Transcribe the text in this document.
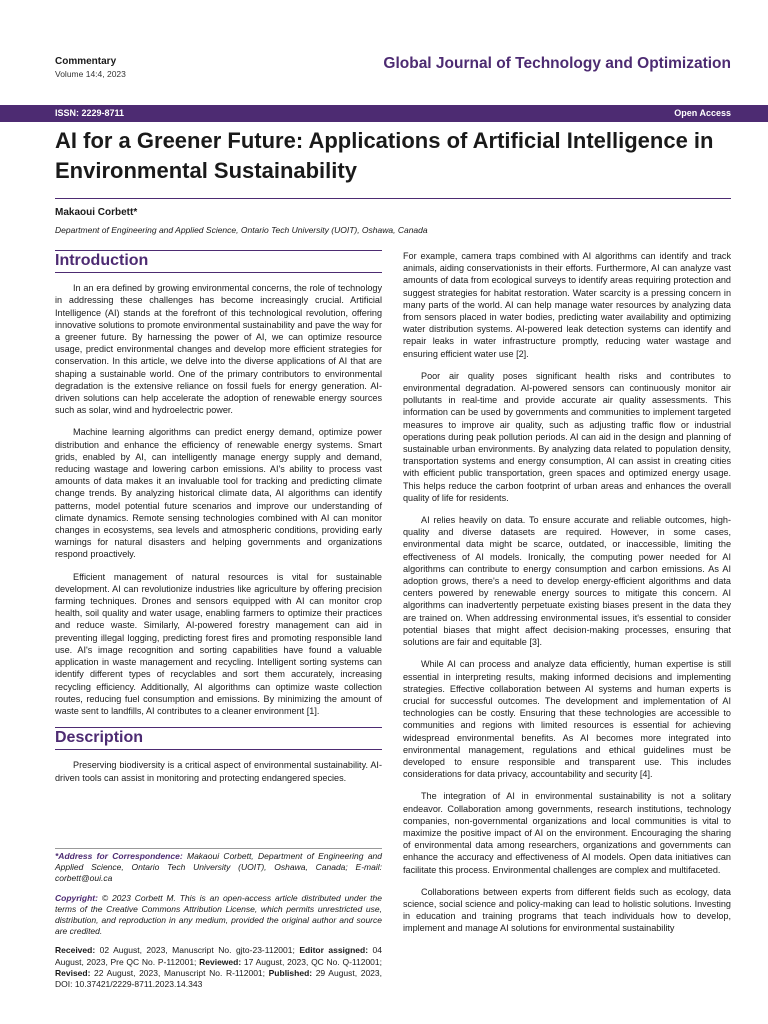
Commentary
Volume 14:4, 2023
Global Journal of Technology and Optimization
ISSN: 2229-8711	Open Access
AI for a Greener Future: Applications of Artificial Intelligence in Environmental Sustainability
Makaoui Corbett*
Department of Engineering and Applied Science, Ontario Tech University (UOIT), Oshawa, Canada
Introduction

In an era defined by growing environmental concerns, the role of technology in addressing these challenges has become increasingly crucial. Artificial Intelligence (AI) stands at the forefront of this technological revolution, offering innovative solutions to promote environmental sustainability and pave the way for a greener future. By harnessing the power of AI, we can optimize resource usage, predict environmental changes and develop more efficient strategies for conservation. In this article, we delve into the diverse applications of AI that are shaping a sustainable world. One of the primary contributors to environmental degradation is the extensive reliance on fossil fuels for energy generation. AI-driven solutions can help accelerate the adoption of renewable energy sources such as solar, wind and hydroelectric power.

Machine learning algorithms can predict energy demand, optimize power distribution and enhance the efficiency of renewable energy systems. Smart grids, enabled by AI, can intelligently manage energy supply and demand, reducing wastage and lowering carbon emissions. AI's ability to process vast amounts of data makes it an invaluable tool for tracking and predicting climate change trends. By analyzing historical climate data, AI algorithms can identify patterns, model potential future scenarios and improve our understanding of climate dynamics. Remote sensing technologies combined with AI can monitor changes in ecosystems, sea levels and atmospheric conditions, providing early warnings for natural disasters and helping governments and organizations respond proactively.

Efficient management of natural resources is vital for sustainable development. AI can revolutionize industries like agriculture by offering precision farming techniques. Drones and sensors equipped with AI can monitor crop health, soil quality and water usage, enabling farmers to optimize their practices and reduce waste. Similarly, AI-powered forestry management can aid in preventing illegal logging, predicting forest fires and promoting responsible land use. AI's image recognition and sorting capabilities have found a valuable application in waste management and recycling. Intelligent sorting systems can identify different types of recyclables and sort them accurately, increasing recycling efficiency. Additionally, AI algorithms can optimize waste collection routes, reducing fuel consumption and emissions. By minimizing the amount of waste sent to landfills, AI contributes to a cleaner environment [1].

Description

Preserving biodiversity is a critical aspect of environmental sustainability. AI-driven tools can assist in monitoring and protecting endangered species.

*Address for Correspondence: Makaoui Corbett, Department of Engineering and Applied Science, Ontario Tech University (UOIT), Oshawa, Canada; E-mail: corbett@oui.ca
Copyright: © 2023 Corbett M. This is an open-access article distributed under the terms of the Creative Commons Attribution License, which permits unrestricted use, distribution, and reproduction in any medium, provided the original author and source are credited.
Received: 02 August, 2023, Manuscript No. gjto-23-112001; Editor assigned: 04 August, 2023, Pre QC No. P-112001; Reviewed: 17 August, 2023, QC No. Q-112001; Revised: 22 August, 2023, Manuscript No. R-112001; Published: 29 August, 2023, DOI: 10.37421/2229-8711.2023.14.343

For example, camera traps combined with AI algorithms can identify and track animals, aiding conservationists in their efforts. Furthermore, AI can analyze vast amounts of data from ecological surveys to identify areas requiring protection and suggest strategies for habitat restoration. Water scarcity is a pressing concern in many parts of the world. AI can help manage water resources by analyzing data from sensors placed in water bodies, predicting water availability and optimizing water distribution systems. AI-powered leak detection systems can identify and repair leaks in water infrastructure promptly, reducing water wastage and ensuring efficient water use [2].

Poor air quality poses significant health risks and contributes to environmental degradation. AI-powered sensors can continuously monitor air pollutants in real-time and provide accurate air quality assessments. This information can be used by governments and communities to implement targeted measures to improve air quality, such as adjusting traffic flow or industrial operations during peak pollution periods. AI can aid in the design and planning of sustainable urban environments. By analyzing data related to population density, transportation systems and energy consumption, AI can assist in creating cities with efficient public transportation, green spaces and optimized energy usage. This helps reduce the carbon footprint of urban areas and enhances the overall quality of life for residents.

AI relies heavily on data. To ensure accurate and reliable outcomes, high-quality and diverse datasets are required. However, in some cases, environmental data might be scarce, outdated, or inaccessible, limiting the effectiveness of AI models. Ironically, the computing power needed for AI algorithms can contribute to energy consumption and carbon emissions. As AI adoption grows, there's a need to develop energy-efficient algorithms and data centers powered by renewable energy sources to mitigate this concern. AI algorithms can inadvertently perpetuate existing biases present in the data they are trained on. When addressing environmental issues, it's essential to consider potential biases that might affect decision-making processes, ensuring that solutions are fair and equitable [3].

While AI can process and analyze data efficiently, human expertise is still essential in interpreting results, making informed decisions and implementing strategies. Effective collaboration between AI systems and human experts is crucial for successful outcomes. The development and implementation of AI technologies can be costly. Ensuring that these technologies are accessible to communities and regions with limited resources is essential for achieving widespread environmental benefits. As AI becomes more integrated into environmental management, regulations and ethical guidelines must be developed to ensure responsible and transparent use. This includes considerations for data privacy, accountability and security [4].

The integration of AI in environmental sustainability is not a solitary endeavor. Collaboration among governments, research institutions, technology companies, non-governmental organizations and local communities is vital to maximize the positive impact of AI on the environment. Encouraging the sharing of environmental data among researchers, organizations and governments can enhance the accuracy and effectiveness of AI models. Open data initiatives can facilitate this process. Environmental challenges are complex and multifaceted.

Collaborations between experts from different fields such as ecology, data science, social science and policy-making can lead to holistic solutions. Investing in education and training programs that teach individuals how to develop, implement and manage AI solutions for environmental sustainability
